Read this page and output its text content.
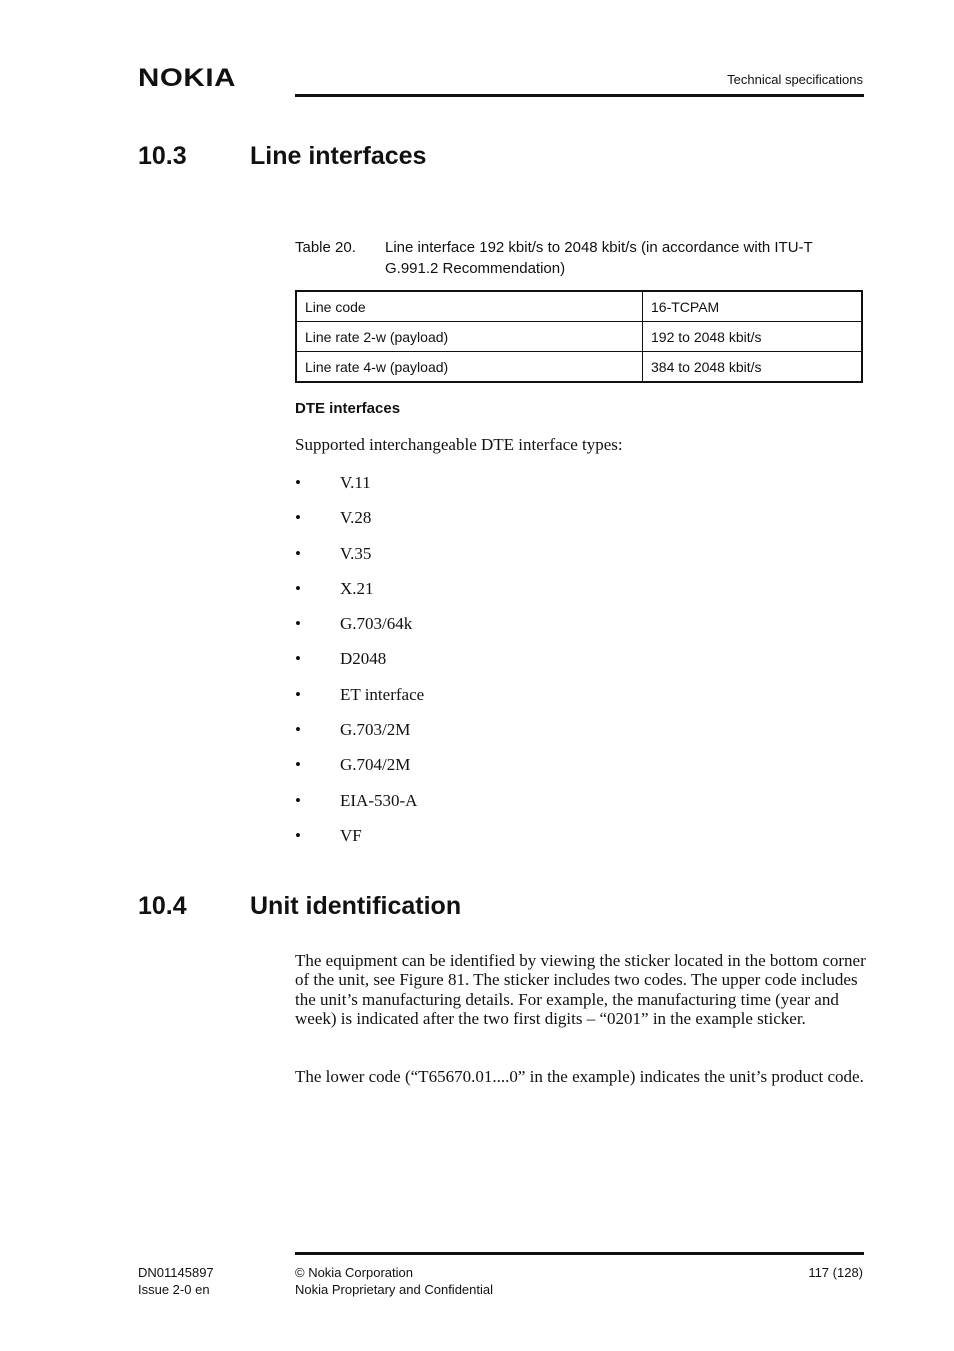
NOKIA	Technical specifications
10.3	Line interfaces
Table 20. Line interface 192 kbit/s to 2048 kbit/s (in accordance with ITU-T G.991.2 Recommendation)
Line code	16-TCPAM
Line rate 2-w (payload)	192 to 2048 kbit/s
Line rate 4-w (payload)	384 to 2048 kbit/s
DTE interfaces
Supported interchangeable DTE interface types:
• V.11
• V.28
• V.35
• X.21
• G.703/64k
• D2048
• ET interface
• G.703/2M
• G.704/2M
• EIA-530-A
• VF
10.4	Unit identification
The equipment can be identified by viewing the sticker located in the bottom corner of the unit, see Figure 81. The sticker includes two codes. The upper code includes the unit’s manufacturing details. For example, the manufacturing time (year and week) is indicated after the two first digits – “0201” in the example sticker.
The lower code (“T65670.01....0” in the example) indicates the unit’s product code.
DN01145897
Issue 2-0 en
© Nokia Corporation
Nokia Proprietary and Confidential
117 (128)
